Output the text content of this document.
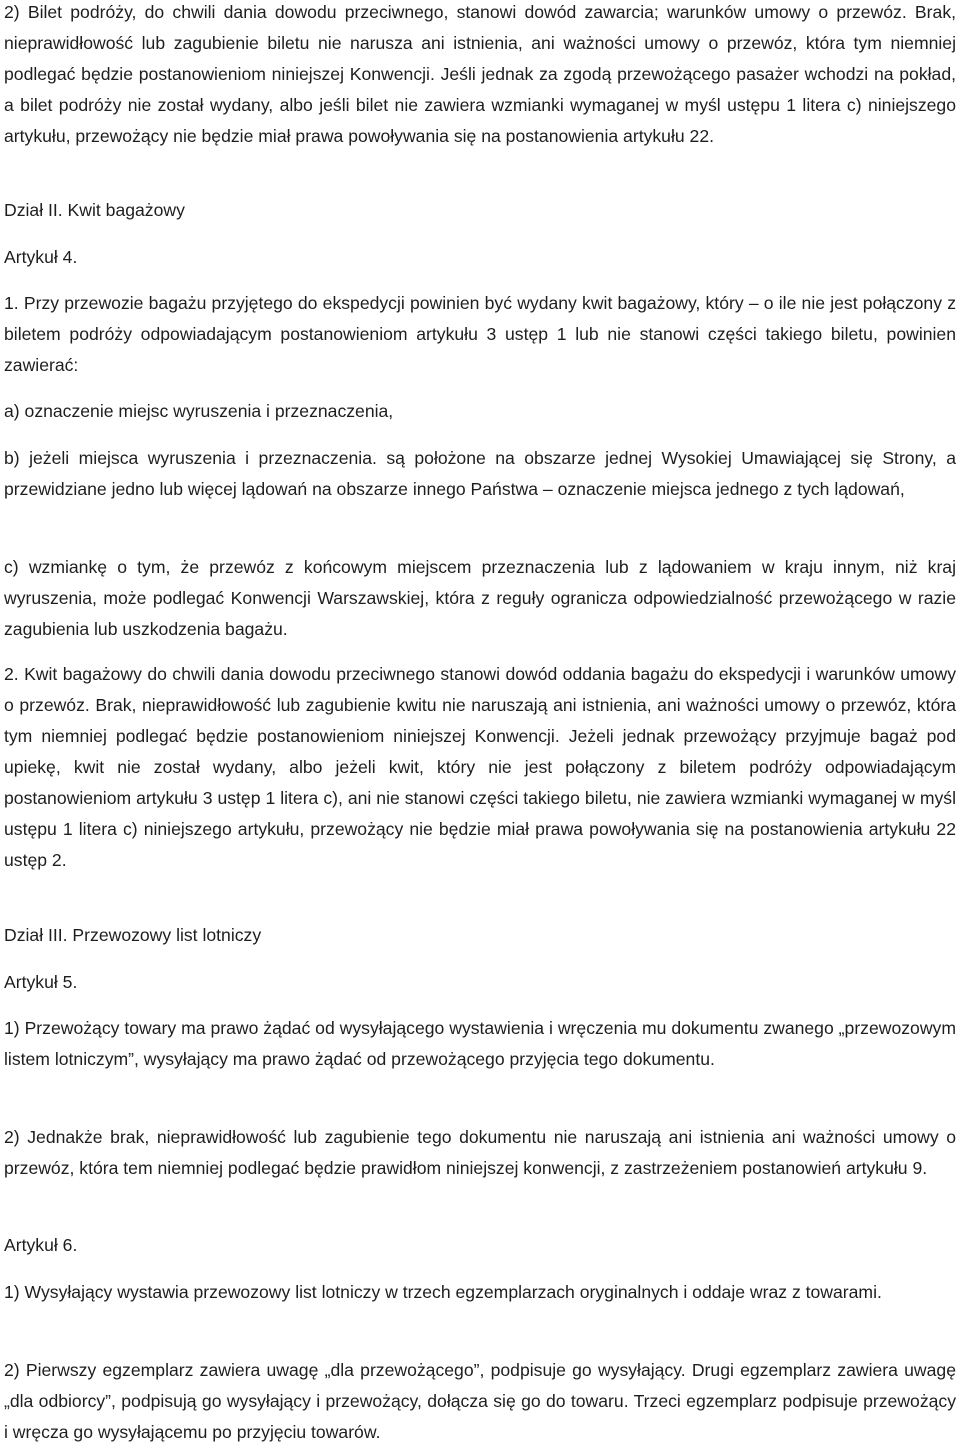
2) Bilet podróży, do chwili dania dowodu przeciwnego, stanowi dowód zawarcia; warunków umowy o przewóz. Brak, nieprawidłowość lub zagubienie biletu nie narusza ani istnienia, ani ważności umowy o przewóz, która tym niemniej podlegać będzie postanowieniom niniejszej Konwencji. Jeśli jednak za zgodą przewożącego pasażer wchodzi na pokład, a bilet podróży nie został wydany, albo jeśli bilet nie zawiera wzmianki wymaganej w myśl ustępu 1 litera c) niniejszego artykułu, przewożący nie będzie miał prawa powoływania się na postanowienia artykułu 22.

Dział II. Kwit bagażowy

Artykuł 4.

1. Przy przewozie bagażu przyjętego do ekspedycji powinien być wydany kwit bagażowy, który – o ile nie jest połączony z biletem podróży odpowiadającym postanowieniom artykułu 3 ustęp 1 lub nie stanowi części takiego biletu, powinien zawierać:

a) oznaczenie miejsc wyruszenia i przeznaczenia,

b) jeżeli miejsca wyruszenia i przeznaczenia. są położone na obszarze jednej Wysokiej Umawiającej się Strony, a przewidziane jedno lub więcej lądowań na obszarze innego Państwa – oznaczenie miejsca jednego z tych lądowań,

c) wzmiankę o tym, że przewóz z końcowym miejscem przeznaczenia lub z lądowaniem w kraju innym, niż kraj wyruszenia, może podlegać Konwencji Warszawskiej, która z reguły ogranicza odpowiedzialność przewożącego w razie zagubienia lub uszkodzenia bagażu.

2. Kwit bagażowy do chwili dania dowodu przeciwnego stanowi dowód oddania bagażu do ekspedycji i warunków umowy o przewóz. Brak, nieprawidłowość lub zagubienie kwitu nie naruszają ani istnienia, ani ważności umowy o przewóz, która tym niemniej podlegać będzie postanowieniom niniejszej Konwencji. Jeżeli jednak przewożący przyjmuje bagaż pod upiekę, kwit nie został wydany, albo jeżeli kwit, który nie jest połączony z biletem podróży odpowiadającym postanowieniom artykułu 3 ustęp 1 litera c), ani nie stanowi części takiego biletu, nie zawiera wzmianki wymaganej w myśl ustępu 1 litera c) niniejszego artykułu, przewożący nie będzie miał prawa powoływania się na postanowienia artykułu 22 ustęp 2.

Dział III. Przewozowy list lotniczy

Artykuł 5.

1) Przewożący towary ma prawo żądać od wysyłającego wystawienia i wręczenia mu dokumentu zwanego „przewozowym listem lotniczym”, wysyłający ma prawo żądać od przewożącego przyjęcia tego dokumentu.

2) Jednakże brak, nieprawidłowość lub zagubienie tego dokumentu nie naruszają ani istnienia ani ważności umowy o przewóz, która tem niemniej podlegać będzie prawidłom niniejszej konwencji, z zastrzeżeniem postanowień artykułu 9.

Artykuł 6.

1) Wysyłający wystawia przewozowy list lotniczy w trzech egzemplarzach oryginalnych i oddaje wraz z towarami.

2) Pierwszy egzemplarz zawiera uwagę „dla przewożącego”, podpisuje go wysyłający. Drugi egzemplarz zawiera uwagę „dla odbiorcy”, podpisują go wysyłający i przewożący, dołącza się go do towaru. Trzeci egzemplarz podpisuje przewożący i wręcza go wysyłającemu po przyjęciu towarów.
